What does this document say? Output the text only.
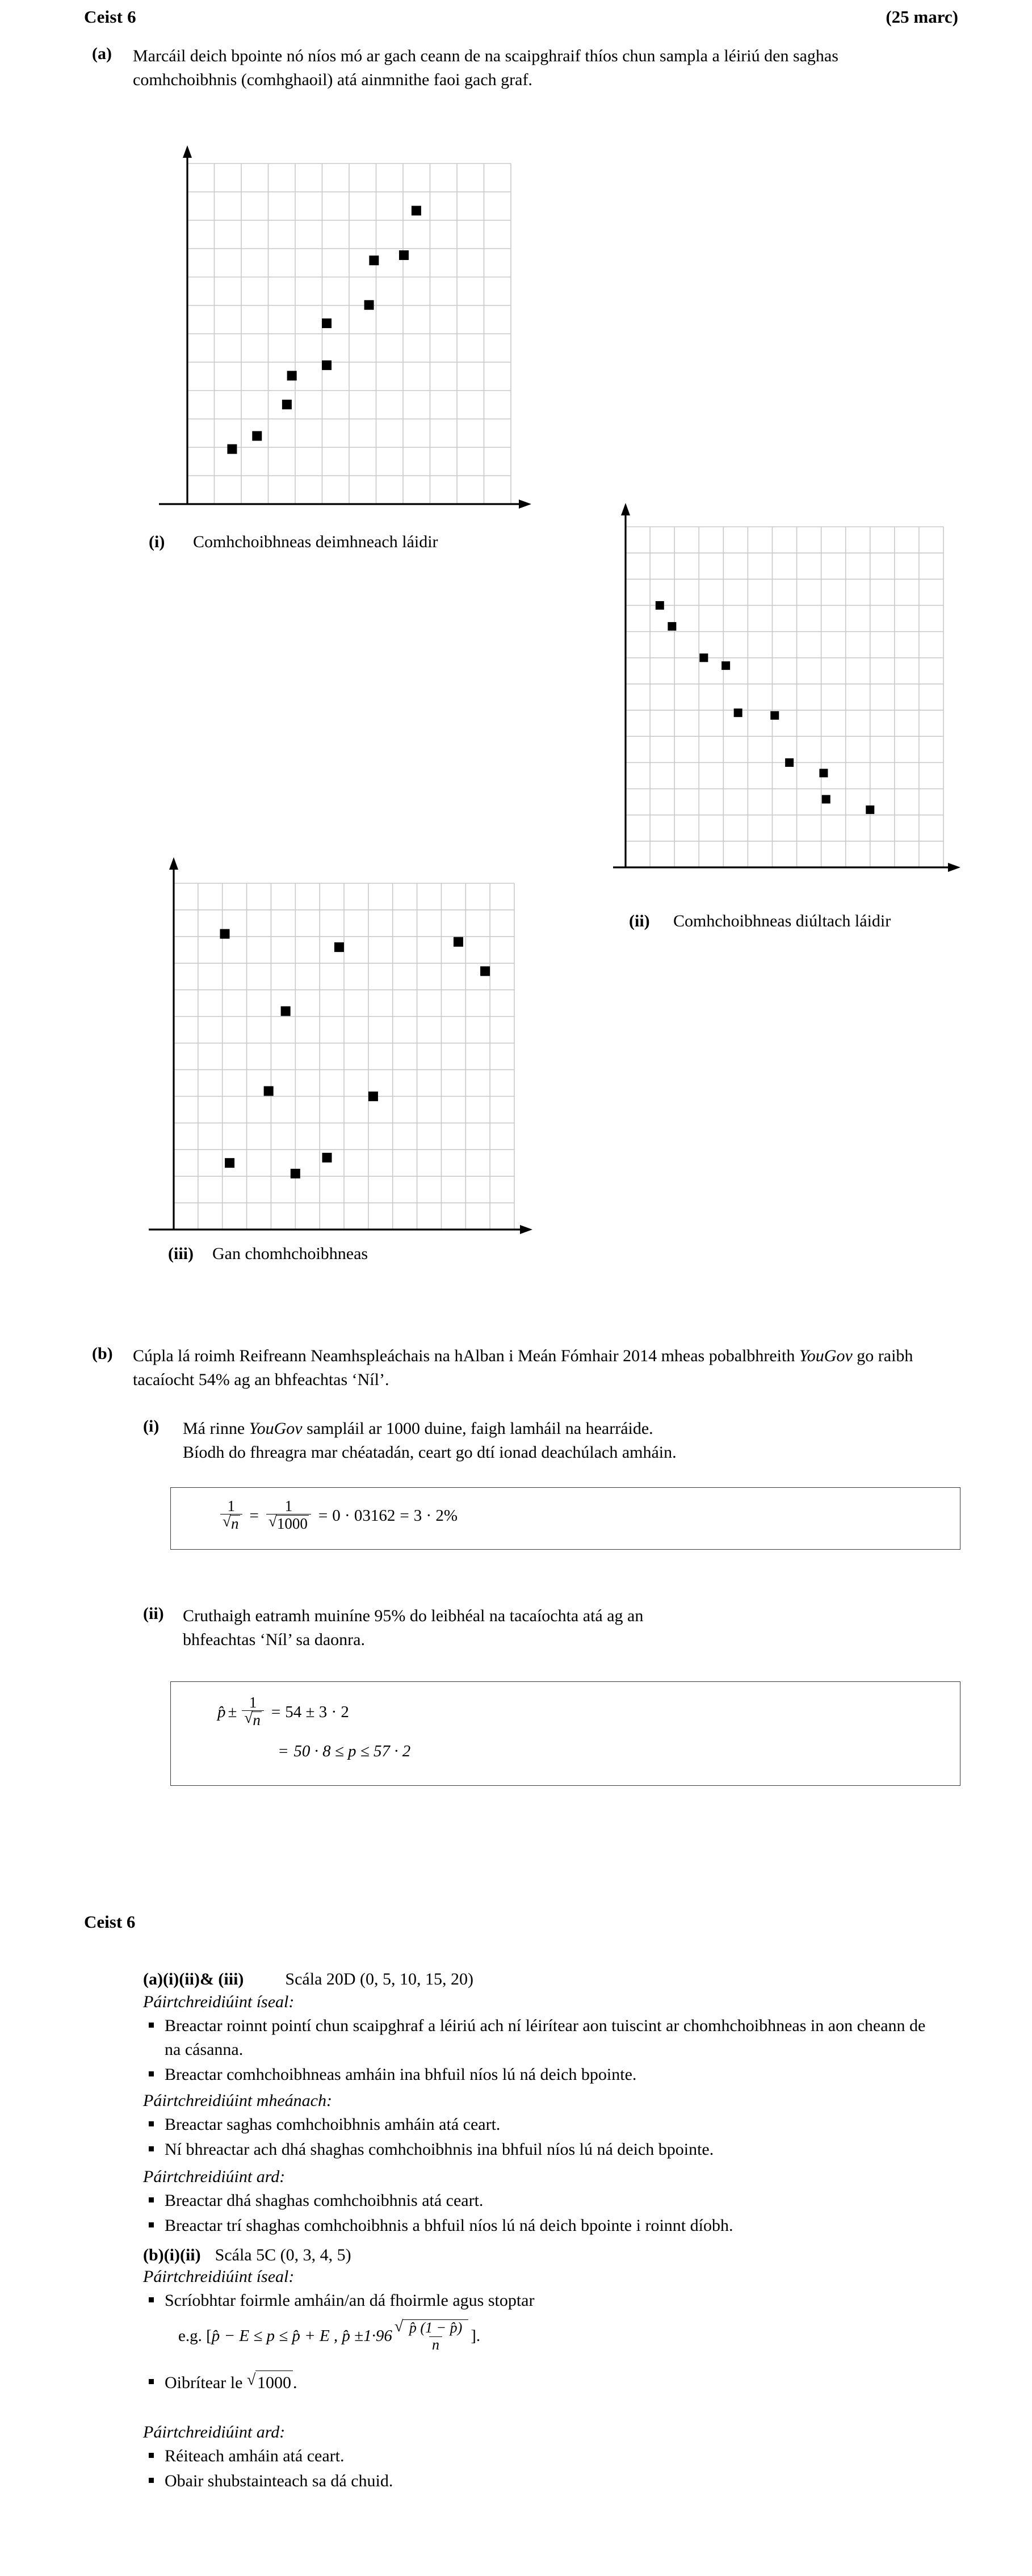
Ceist 6	(25 marc)
(a)	Marcáil deich bpointe nó níos mó ar gach ceann de na scaipghraif thíos chun sampla a léiriú den saghas comhchoibhnis (comhghaoil) atá ainmnithe faoi gach graf.
(i)	Comhchoibhneas deimhneach láidir
(ii)	Comhchoibhneas diúltach láidir
(iii)	Gan chomhchoibhneas
(b)	Cúpla lá roimh Reifreann Neamhspleáchais na hAlban i Meán Fómhair 2014 mheas pobalbhreith YouGov go raibh tacaíocht 54% ag an bhfeachtas ‘Níl’.
(i)	Má rinne YouGov sampláil ar 1000 duine, faigh lamháil na hearráide.
Bíodh do fhreagra mar chéatadán, ceart go dtí ionad deachúlach amháin.
1
√ n = 1
√ 1000 = 0 · 03162 = 3 · 2%
(ii)	Cruthaigh eatramh muiníne 95% do leibhéal na tacaíochta atá ag an
bhfeachtas ‘Níl’ sa daonra.
p̂ ± 1
√ n = 54 ± 3 · 2
= 50 · 8 ≤ p ≤ 57 · 2
Ceist 6
(a)(i)(ii)& (iii) Scála 20D (0, 5, 10, 15, 20)
Páirtchreidiúint íseal:
Breactar roinnt pointí chun scaipghraf a léiriú ach ní léirítear aon tuiscint ar chomhchoibhneas in aon cheann de na cásanna.
Breactar comhchoibhneas amháin ina bhfuil níos lú ná deich bpointe.
Páirtchreidiúint mheánach:
Breactar saghas comhchoibhnis amháin atá ceart.
Ní bhreactar ach dhá shaghas comhchoibhnis ina bhfuil níos lú ná deich bpointe.
Páirtchreidiúint ard:
Breactar dhá shaghas comhchoibhnis atá ceart.
Breactar trí shaghas comhchoibhnis a bhfuil níos lú ná deich bpointe i roinnt díobh.
(b)(i)(ii) Scála 5C (0, 3, 4, 5)
Páirtchreidiúint íseal:
Scríobhtar foirmle amháin/an dá fhoirmle agus stoptar
e.g. [ p̂ − E ≤ p ≤ p̂ + E , p̂ ±1·96 √ $\frac{p̂ (1 - p̂)}{n}$ ].
Oibrítear le √ 1000 .
Páirtchreidiúint ard:
Réiteach amháin atá ceart.
Obair shubstainteach sa dá chuid.
